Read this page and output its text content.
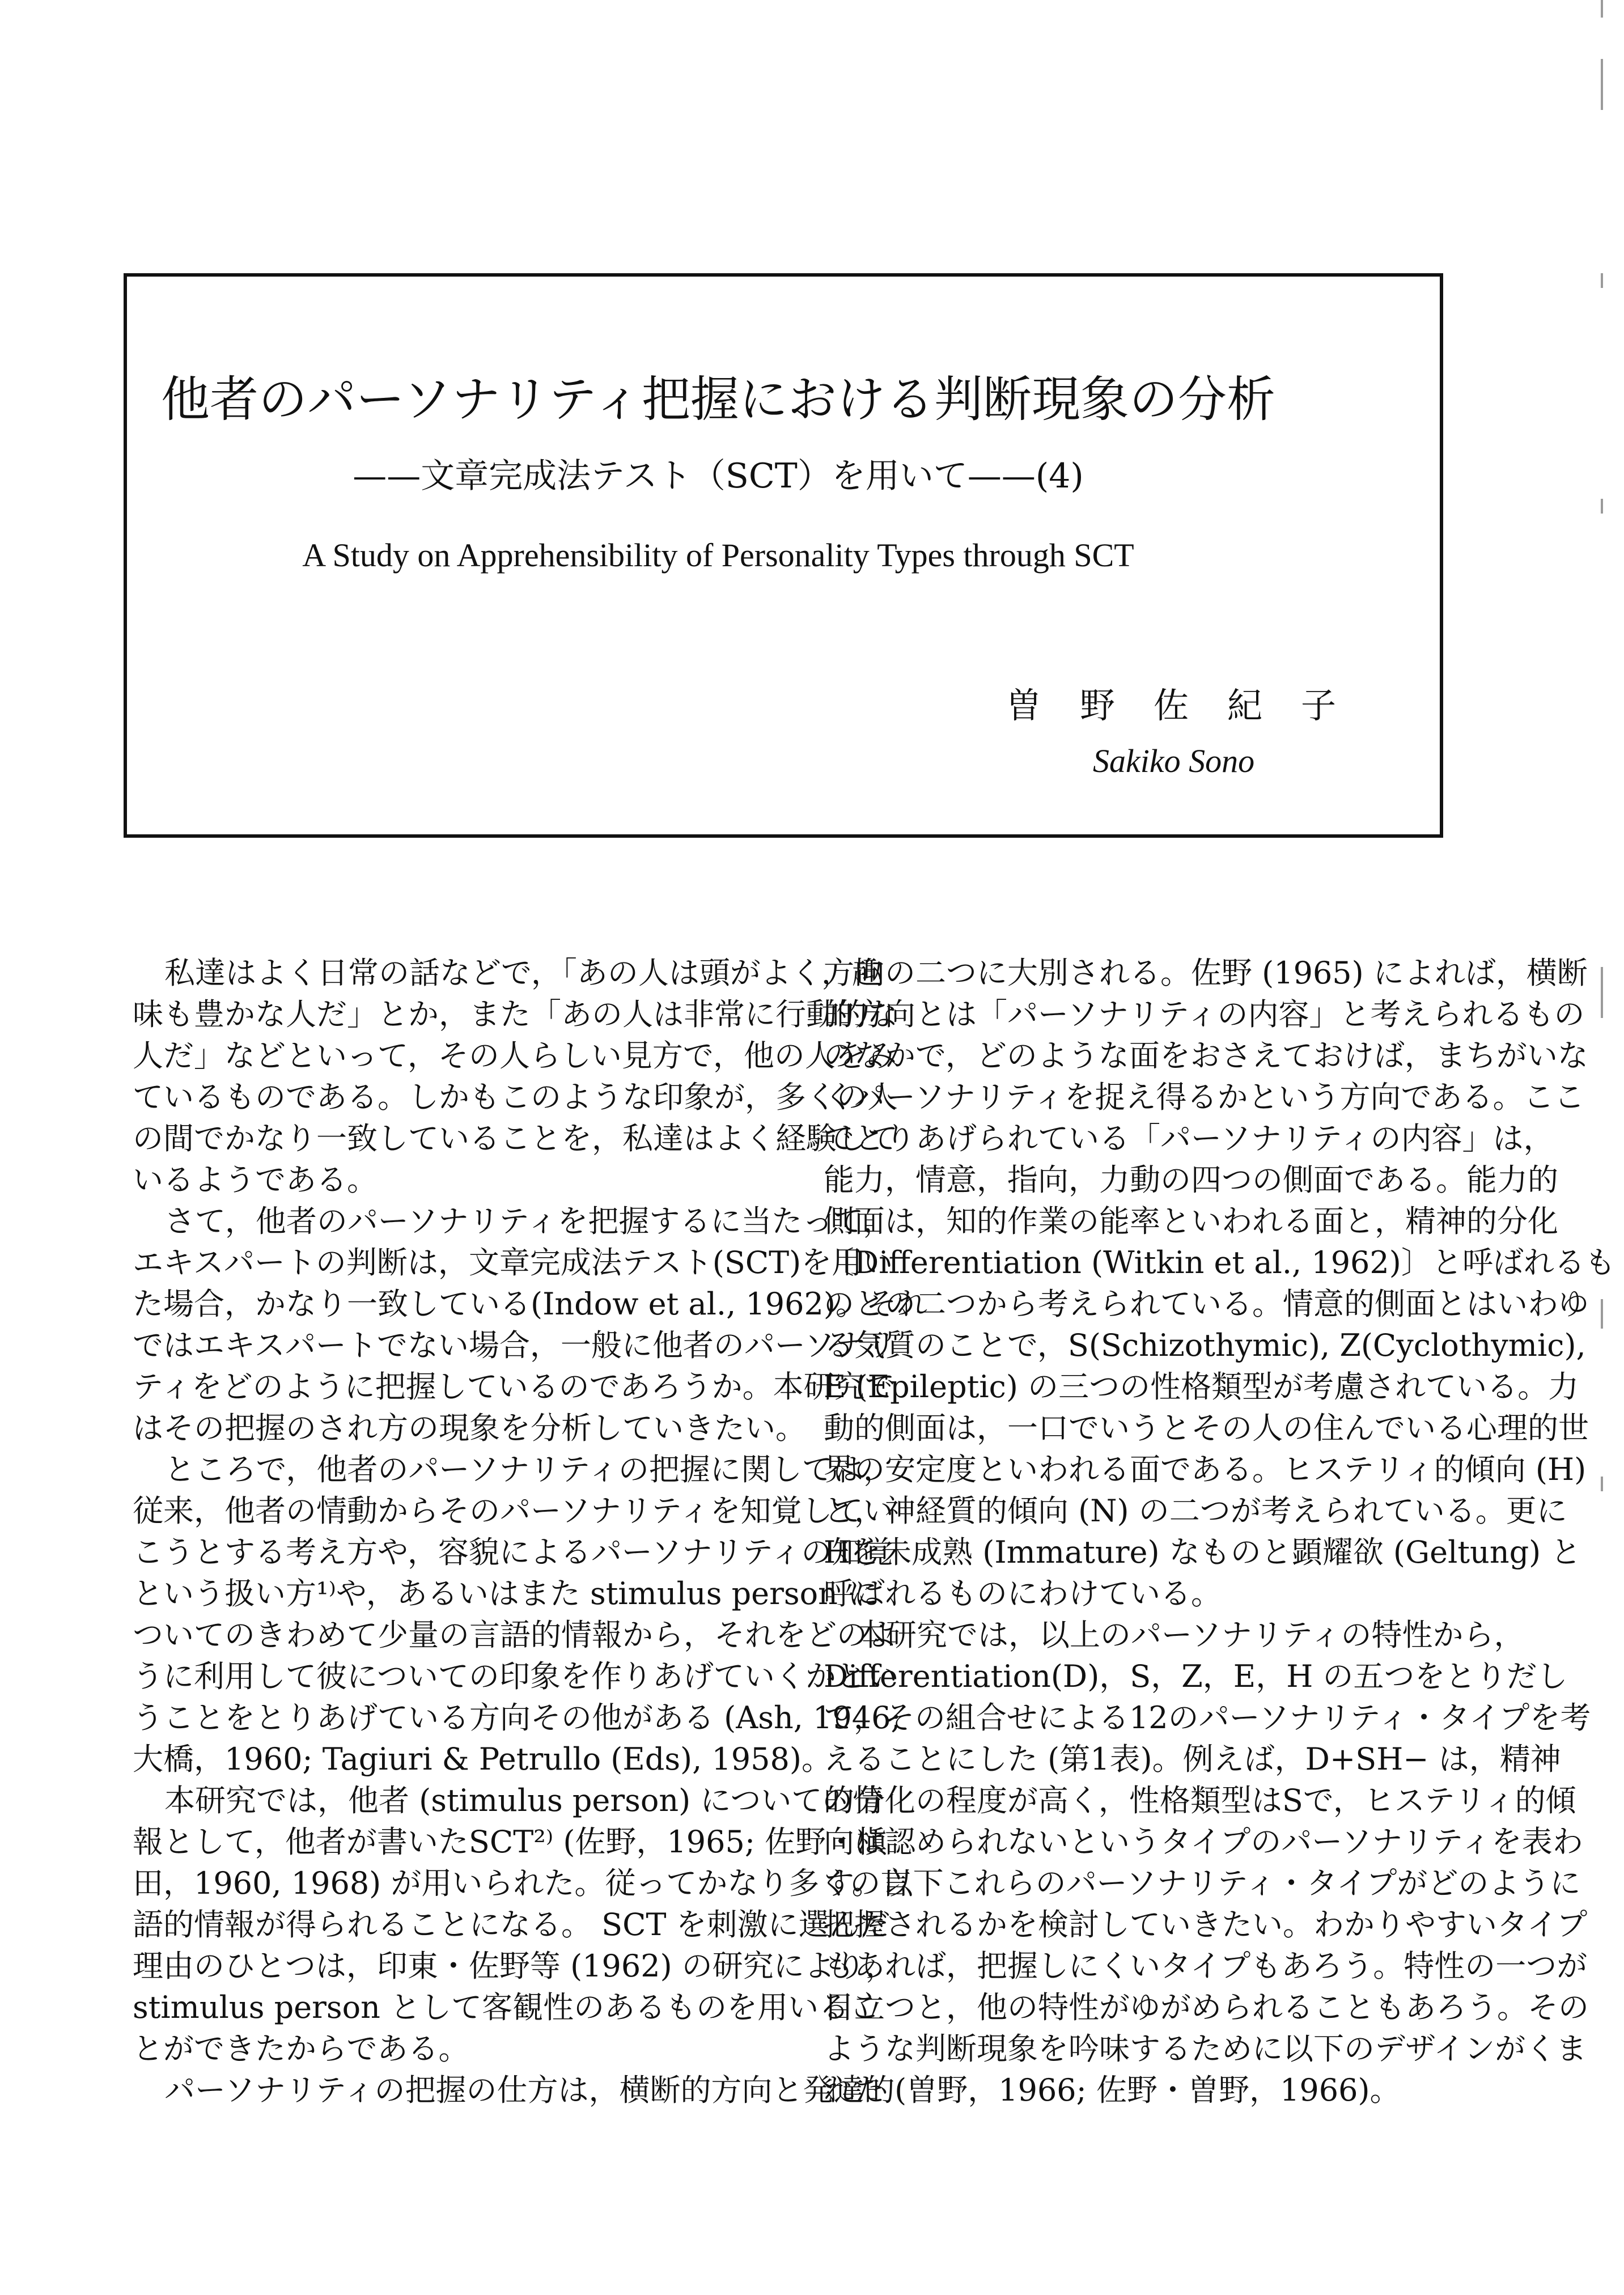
他者のパーソナリティ把握における判断現象の分析
——文章完成法テスト（SCT）を用いて——(4)
A Study on Apprehensibility of Personality Types through SCT
曽野佐紀子
Sakiko Sono
私達はよく日常の話などで，「あの人は頭がよく，趣
味も豊かな人だ」とか，また「あの人は非常に行動的な
人だ」などといって，その人らしい見方で，他の人をみ
ているものである。しかもこのような印象が，多くの人
の間でかなり一致していることを，私達はよく経験して
いるようである。
さて，他者のパーソナリティを把握するに当たって，
エキスパートの判断は，文章完成法テスト(SCT)を用い
た場合，かなり一致している(Indow et al., 1962)。それ
ではエキスパートでない場合，一般に他者のパーソナリ
ティをどのように把握しているのであろうか。本研究で
はその把握のされ方の現象を分析していきたい。
ところで，他者のパーソナリティの把握に関しては，
従来，他者の情動からそのパーソナリティを知覚してい
こうとする考え方や，容貌によるパーソナリティの知覚
という扱い方¹⁾や，あるいはまた stimulus person に
ついてのきわめて少量の言語的情報から，それをどのよ
うに利用して彼についての印象を作りあげていくかとい
うことをとりあげている方向その他がある (Ash, 1946;
大橋，1960; Tagiuri & Petrullo (Eds), 1958)。
本研究では，他者 (stimulus person) についての情
報として，他者が書いたSCT²⁾ (佐野，1965; 佐野・槇
田，1960, 1968) が用いられた。従ってかなり多くの言
語的情報が得られることになる。 SCT を刺激に選んだ
理由のひとつは，印東・佐野等 (1962) の研究により，
stimulus person として客観性のあるものを用いるこ
とができたからである。
パーソナリティの把握の仕方は，横断的方向と発達的
方向の二つに大別される。佐野 (1965) によれば，横断
的方向とは「パーソナリティの内容」と考えられるもの
のなかで，どのような面をおさえておけば，まちがいな
くパーソナリティを捉え得るかという方向である。ここ
でとりあげられている「パーソナリティの内容」は，
能力，情意，指向，力動の四つの側面である。能力的
側面は，知的作業の能率といわれる面と，精神的分化
〔Differentiation (Witkin et al., 1962)〕と呼ばれるも
のとの二つから考えられている。情意的側面とはいわゆ
る気質のことで，S(Schizothymic), Z(Cyclothymic),
E (Epileptic) の三つの性格類型が考慮されている。力
動的側面は，一口でいうとその人の住んでいる心理的世
界の安定度といわれる面である。ヒステリィ的傾向 (H)
と，神経質的傾向 (N) の二つが考えられている。更に
Hを未成熟 (Immature) なものと顕耀欲 (Geltung) と
呼ばれるものにわけている。
本研究では，以上のパーソナリティの特性から，
Differentiation(D)，S，Z，E，H の五つをとりだし
て，その組合せによる12のパーソナリティ・タイプを考
えることにした (第1表)。例えば，D+SH− は，精神
的分化の程度が高く，性格類型はSで，ヒステリィ的傾
向は認められないというタイプのパーソナリティを表わ
す。以下これらのパーソナリティ・タイプがどのように
把握されるかを検討していきたい。わかりやすいタイプ
もあれば，把握しにくいタイプもあろう。特性の一つが
目立つと，他の特性がゆがめられることもあろう。その
ような判断現象を吟味するために以下のデザインがくま
れた (曽野，1966; 佐野・曽野，1966)。
